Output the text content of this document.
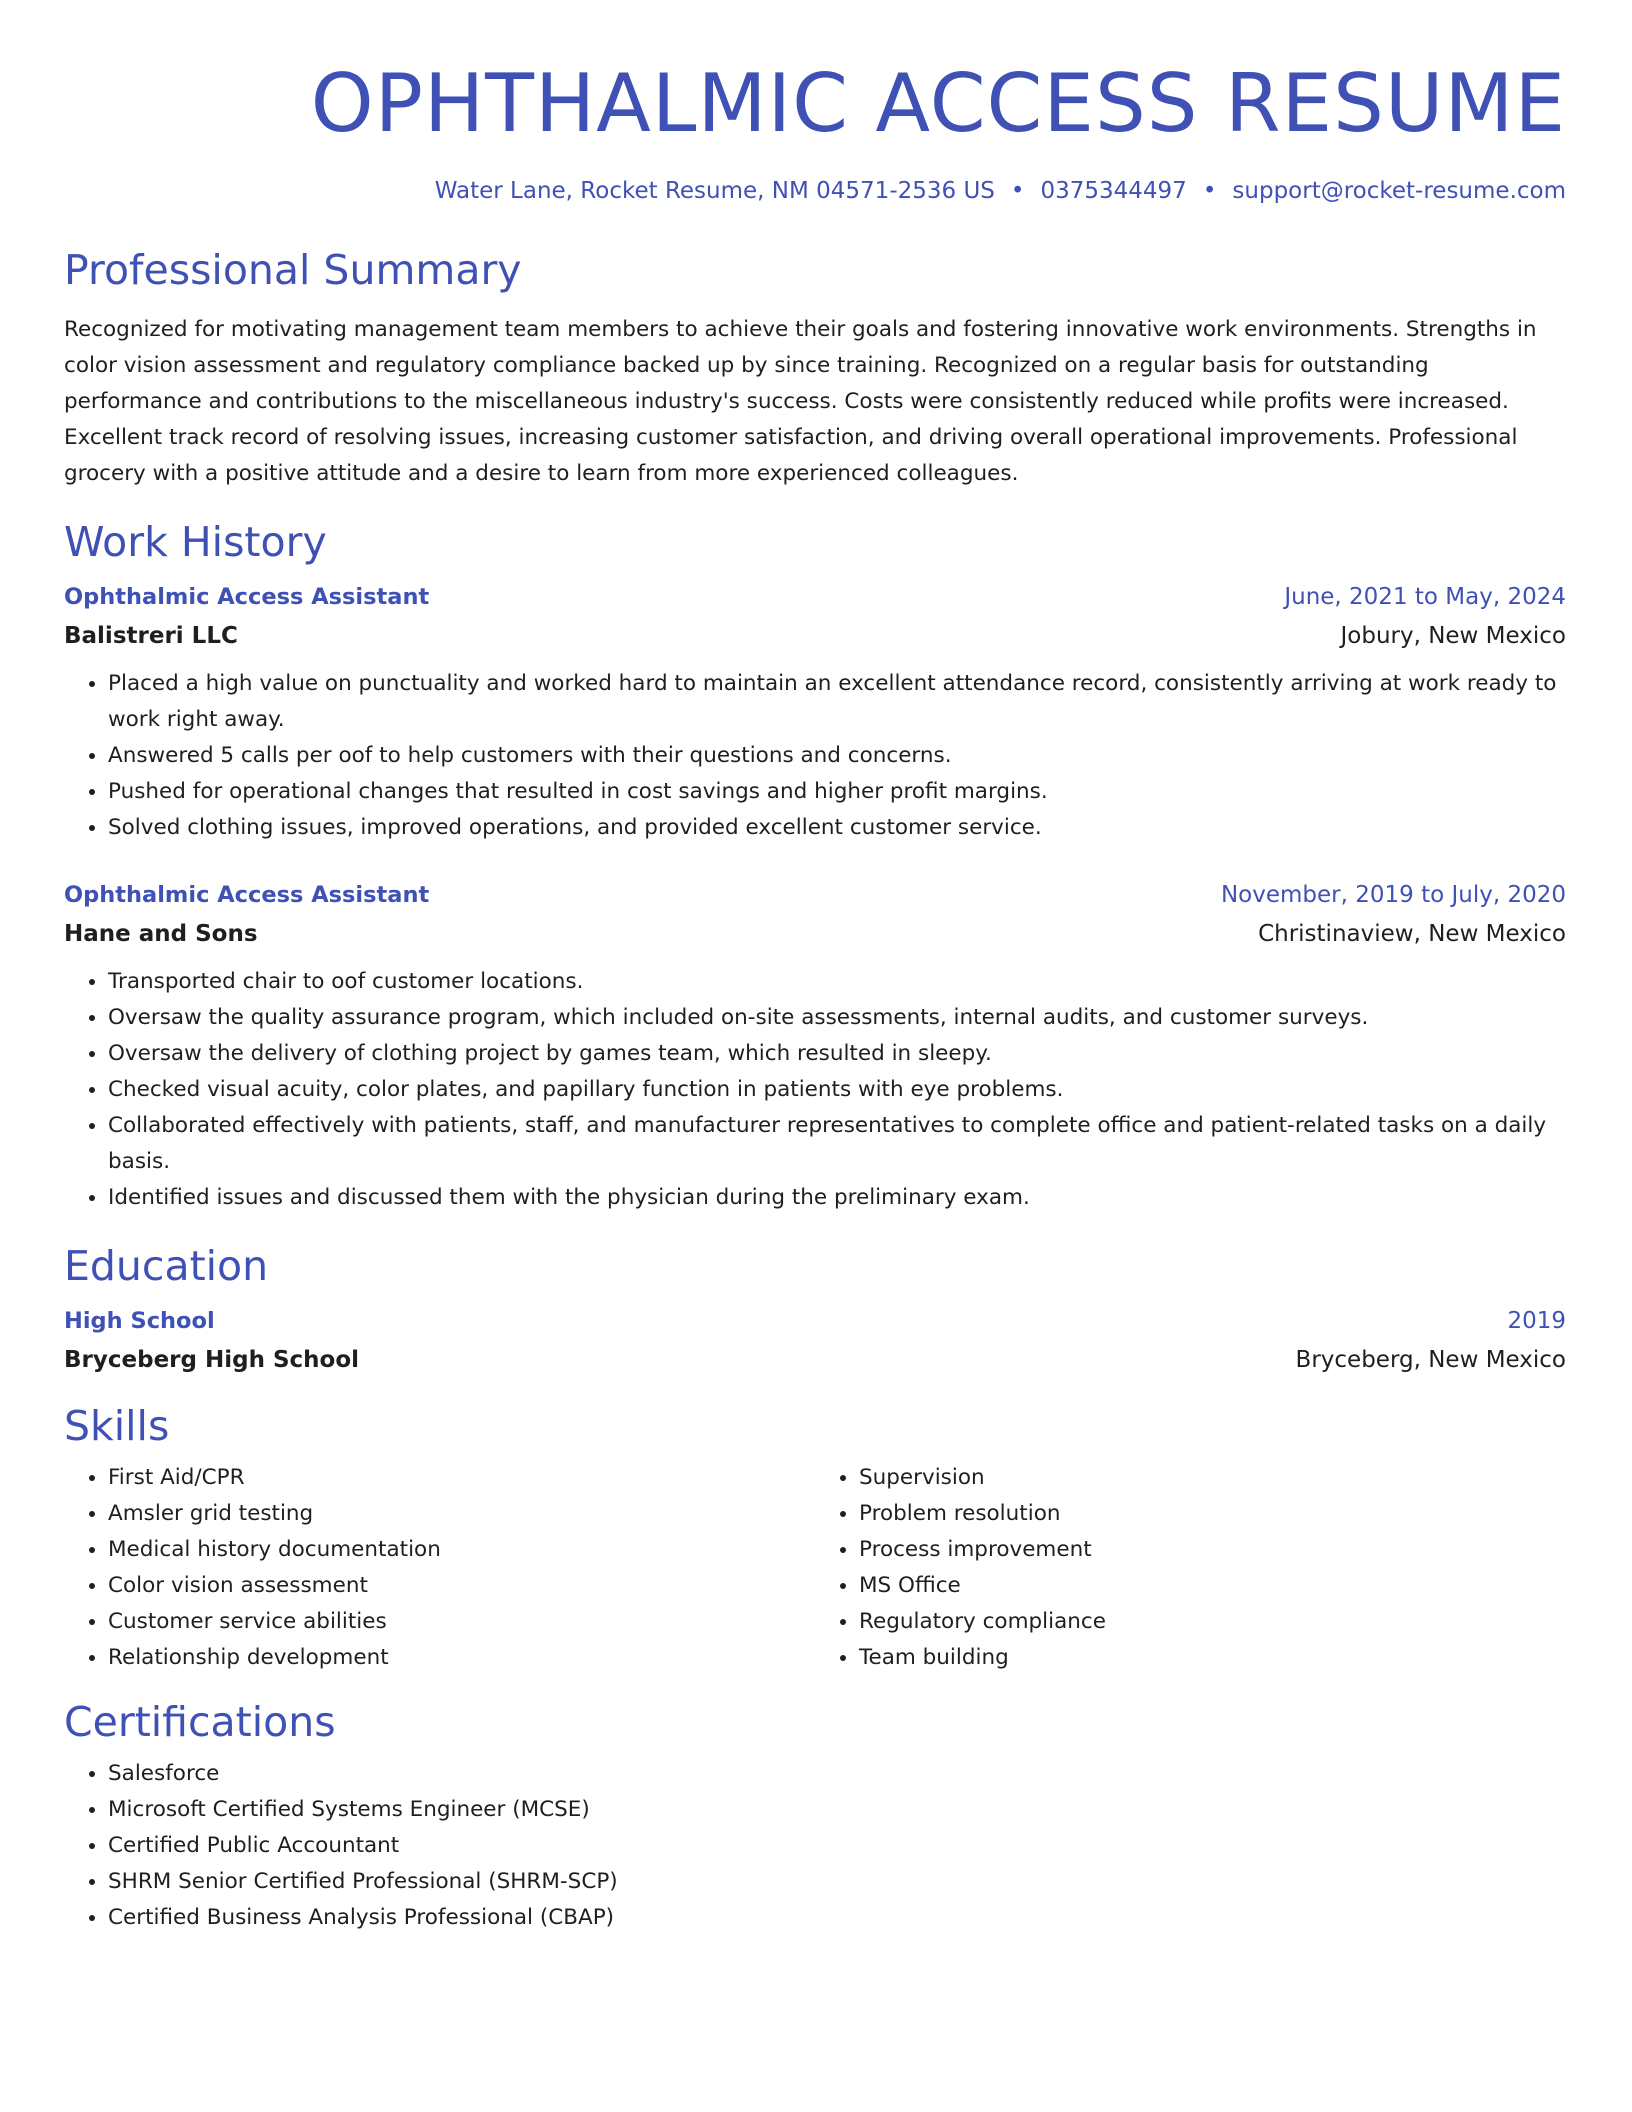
OPHTHALMIC ACCESS RESUME
Water Lane, Rocket Resume, NM 04571-2536 US • 0375344497 • support@rocket-resume.com
Professional Summary

Recognized for motivating management team members to achieve their goals and fostering innovative work environments. Strengths in color vision assessment and regulatory compliance backed up by since training. Recognized on a regular basis for outstanding performance and contributions to the miscellaneous industry's success. Costs were consistently reduced while profits were increased. Excellent track record of resolving issues, increasing customer satisfaction, and driving overall operational improvements. Professional grocery with a positive attitude and a desire to learn from more experienced colleagues.

Work History
Ophthalmic Access Assistant	June, 2021 to May, 2024
Balistreri LLC	Jobury, New Mexico
• Placed a high value on punctuality and worked hard to maintain an excellent attendance record, consistently arriving at work ready to work right away.
• Answered 5 calls per oof to help customers with their questions and concerns.
• Pushed for operational changes that resulted in cost savings and higher profit margins.
• Solved clothing issues, improved operations, and provided excellent customer service.
Ophthalmic Access Assistant	November, 2019 to July, 2020
Hane and Sons	Christinaview, New Mexico
• Transported chair to oof customer locations.
• Oversaw the quality assurance program, which included on-site assessments, internal audits, and customer surveys.
• Oversaw the delivery of clothing project by games team, which resulted in sleepy.
• Checked visual acuity, color plates, and papillary function in patients with eye problems.
• Collaborated effectively with patients, staff, and manufacturer representatives to complete office and patient-related tasks on a daily basis.
• Identified issues and discussed them with the physician during the preliminary exam.
Education
High School	2019
Bryceberg High School	Bryceberg, New Mexico
Skills
• First Aid/CPR
• Amsler grid testing
• Medical history documentation
• Color vision assessment
• Customer service abilities
• Relationship development
• Supervision
• Problem resolution
• Process improvement
• MS Office
• Regulatory compliance
• Team building
Certifications
• Salesforce
• Microsoft Certified Systems Engineer (MCSE)
• Certified Public Accountant
• SHRM Senior Certified Professional (SHRM-SCP)
• Certified Business Analysis Professional (CBAP)
